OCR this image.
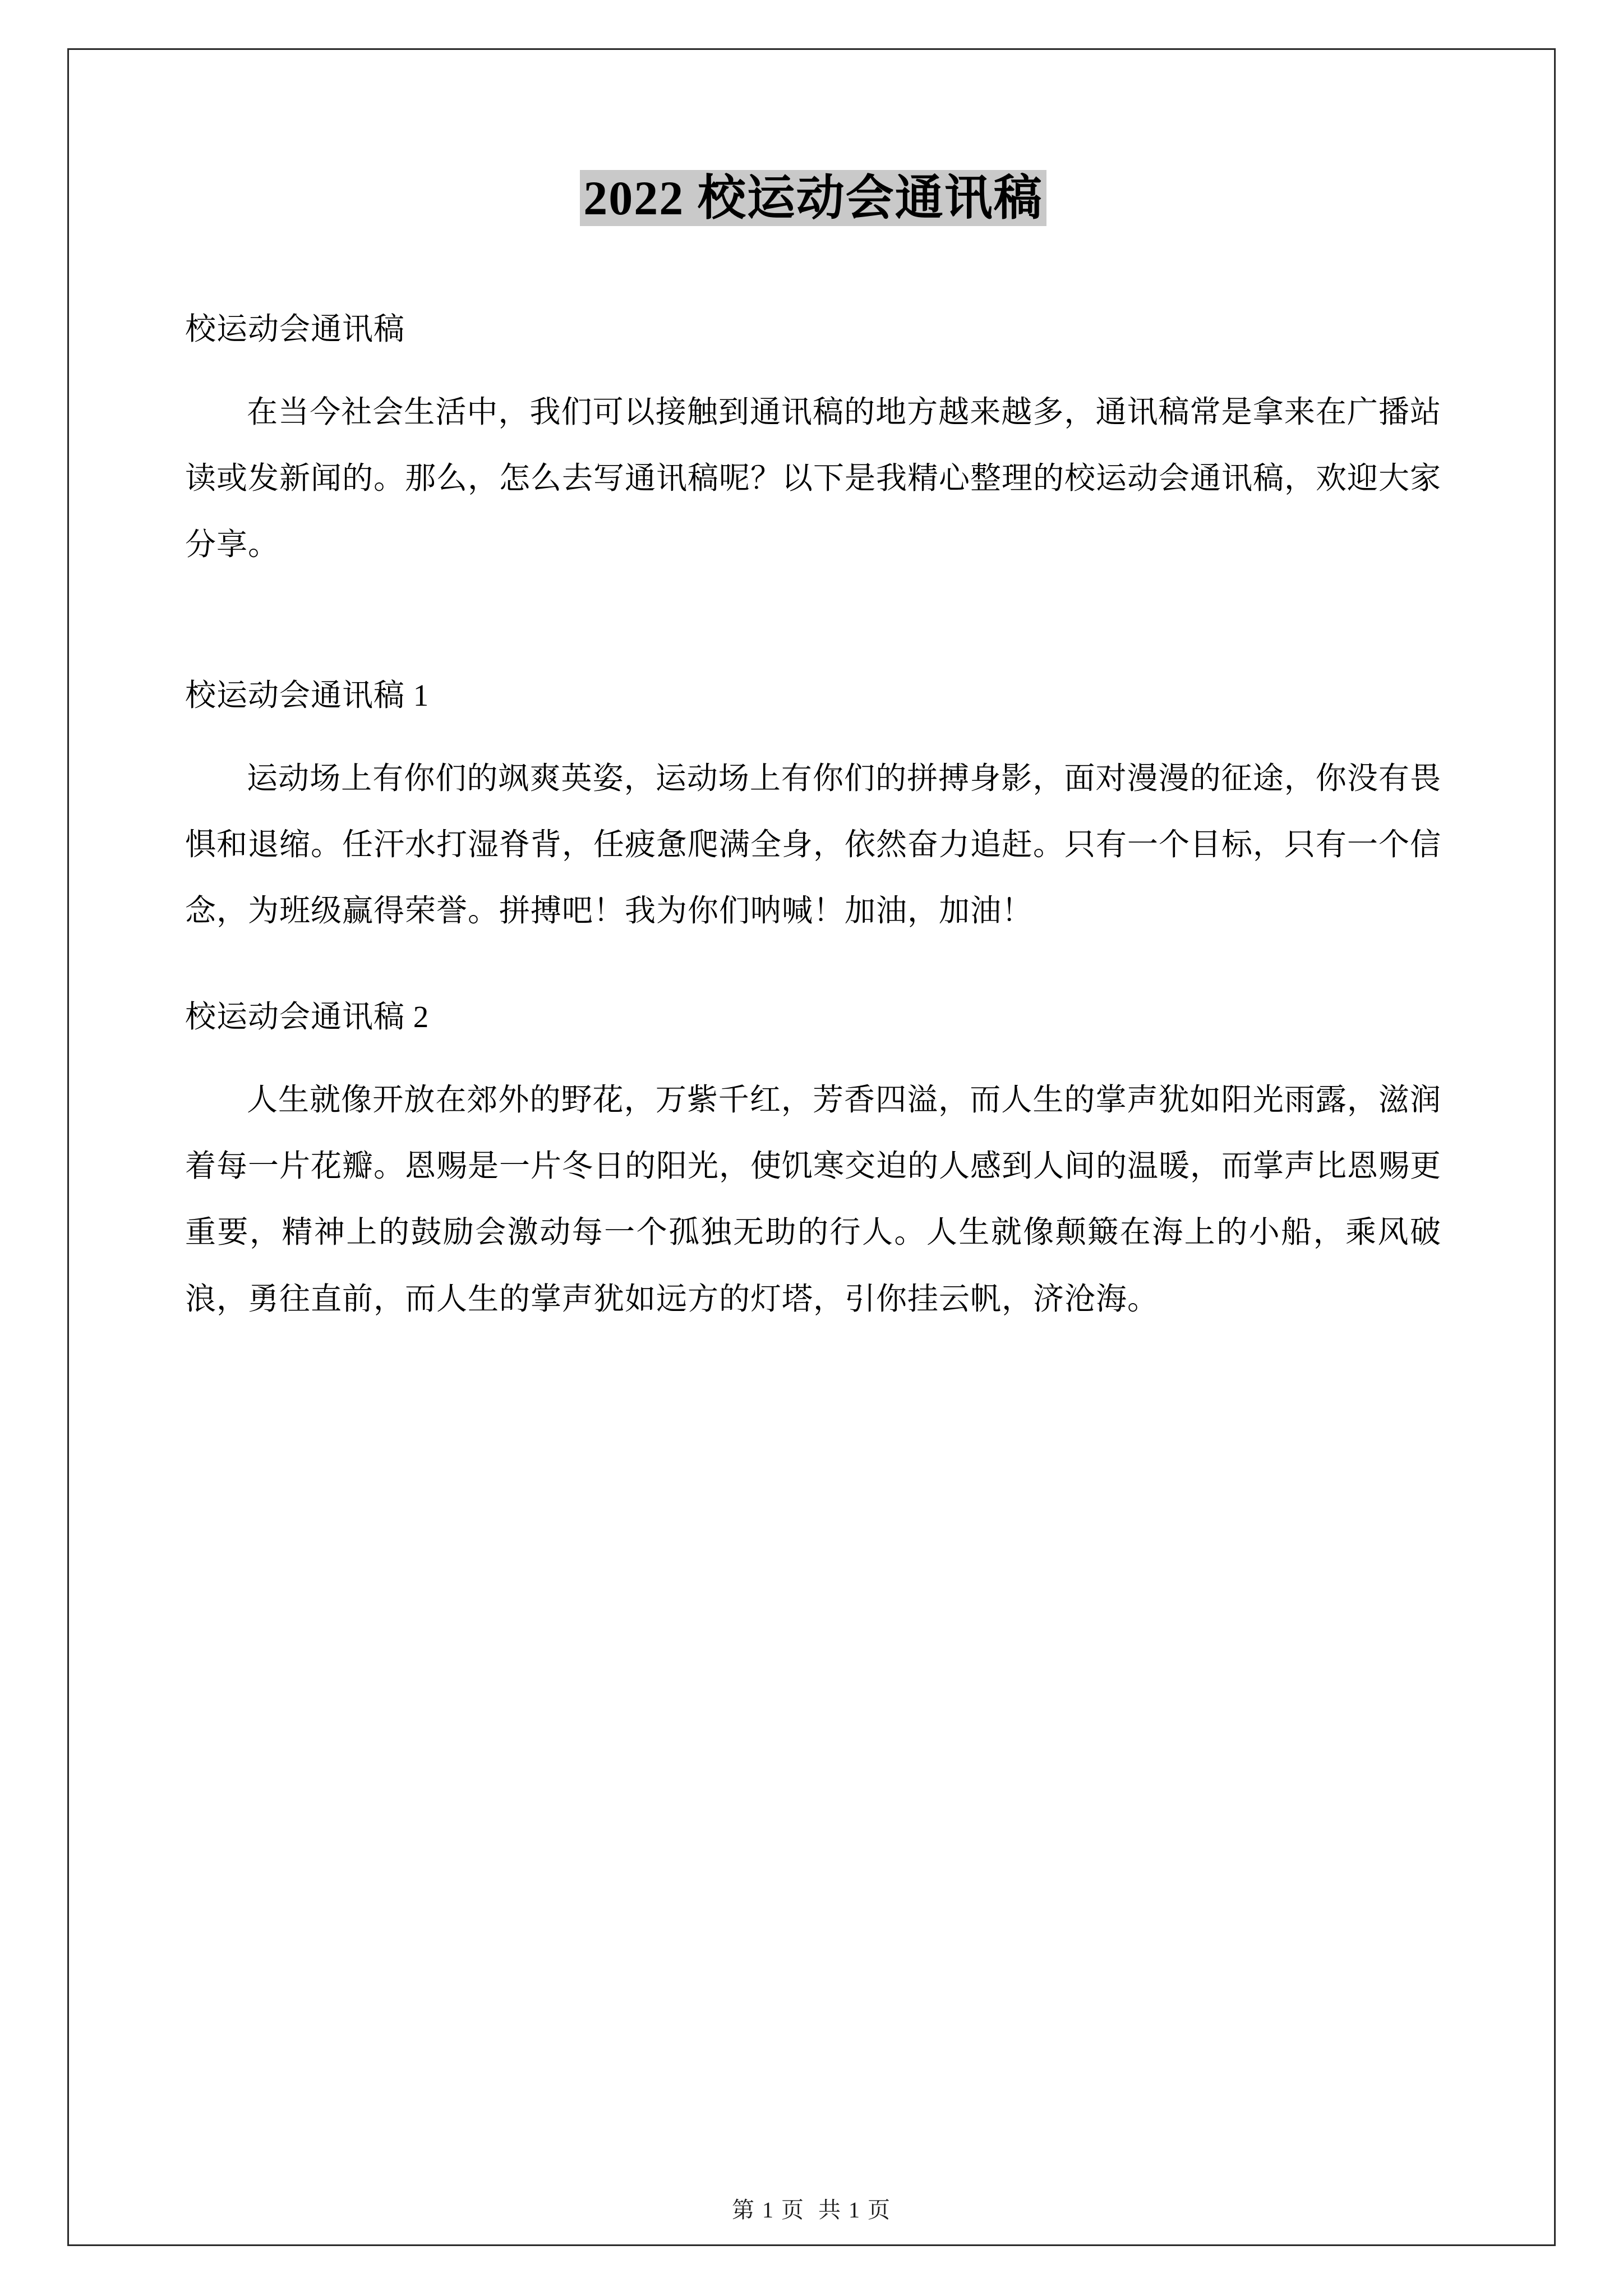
2022 校运动会通讯稿

校运动会通讯稿

在当今社会生活中，我们可以接触到通讯稿的地方越来越多，通讯稿常是拿来在广播站读或发新闻的。那么，怎么去写通讯稿呢？以下是我精心整理的校运动会通讯稿，欢迎大家分享。

校运动会通讯稿 1

运动场上有你们的飒爽英姿，运动场上有你们的拼搏身影，面对漫漫的征途，你没有畏惧和退缩。任汗水打湿脊背，任疲惫爬满全身，依然奋力追赶。只有一个目标，只有一个信念，为班级赢得荣誉。拼搏吧！我为你们呐喊！加油，加油！

校运动会通讯稿 2

人生就像开放在郊外的野花，万紫千红，芳香四溢，而人生的掌声犹如阳光雨露，滋润着每一片花瓣。恩赐是一片冬日的阳光，使饥寒交迫的人感到人间的温暖，而掌声比恩赐更重要，精神上的鼓励会激动每一个孤独无助的行人。人生就像颠簸在海上的小船，乘风破浪，勇往直前，而人生的掌声犹如远方的灯塔，引你挂云帆，济沧海。

第 1 页 共 1 页
